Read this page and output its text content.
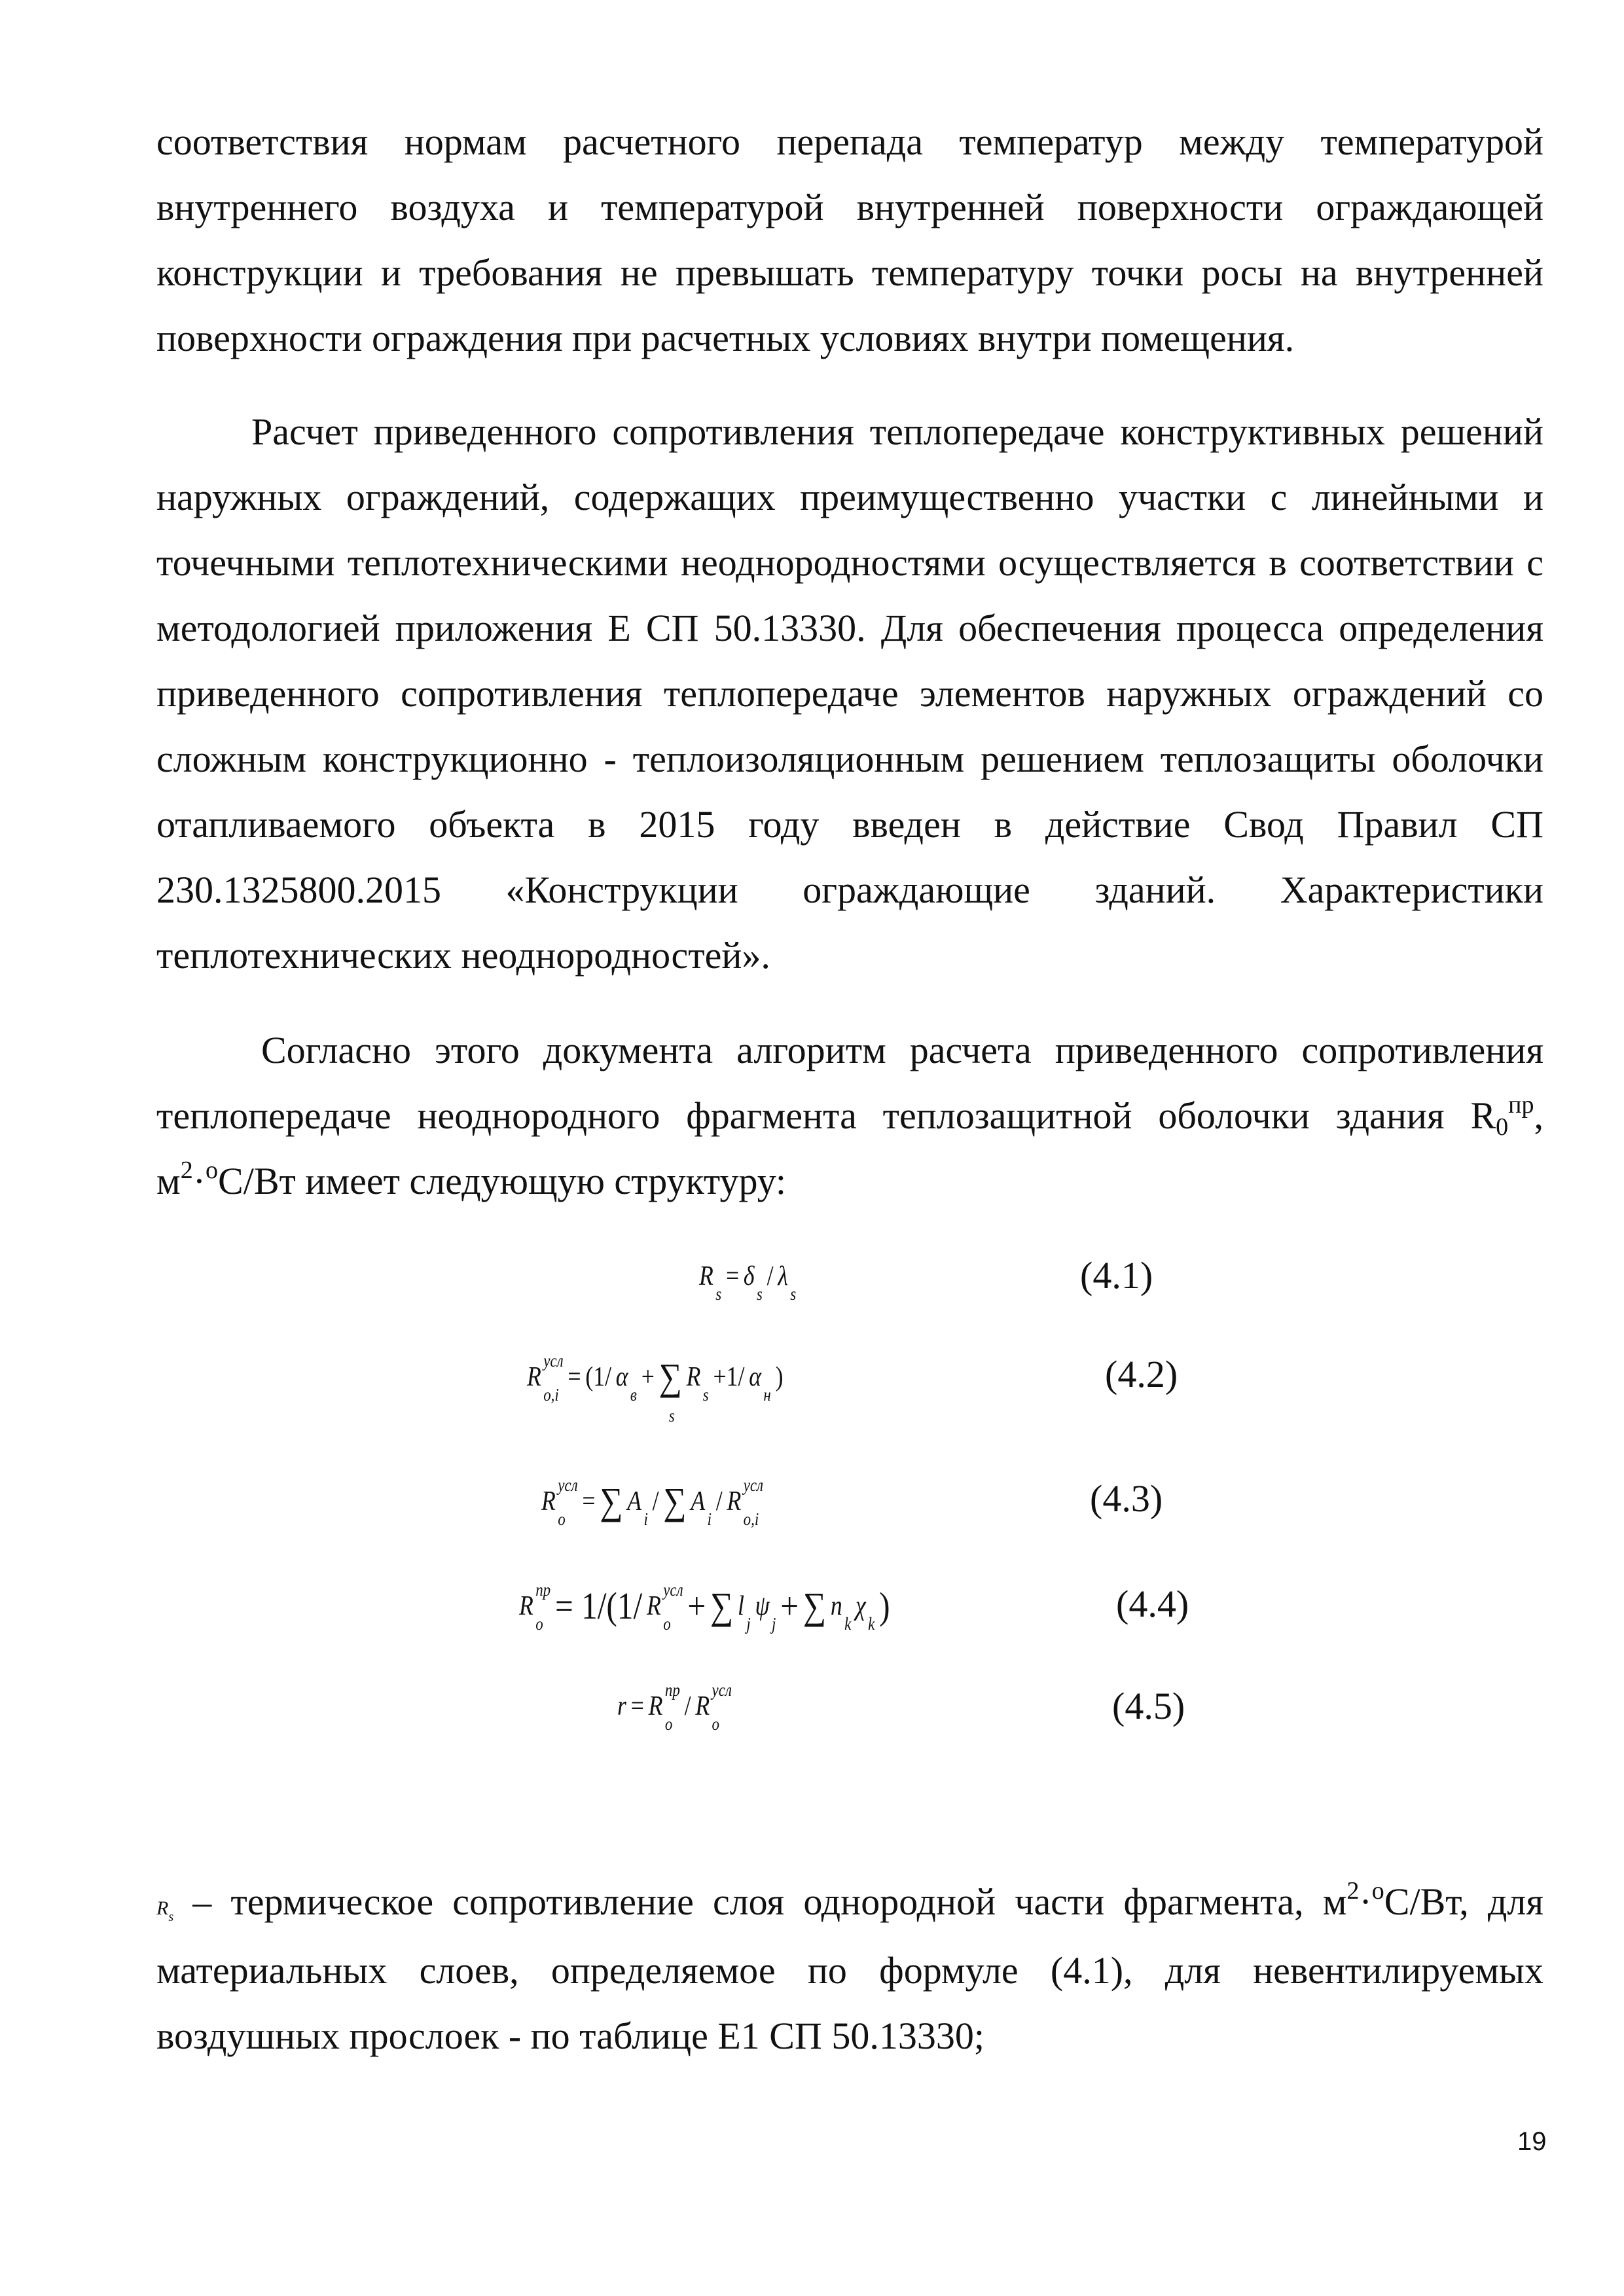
соответствия нормам расчетного перепада температур между температурой
внутреннего воздуха и температурой внутренней поверхности ограждающей
конструкции и требования не превышать температуру точки росы на внутренней
поверхности ограждения при расчетных условиях внутри помещения.
Расчет приведенного сопротивления теплопередаче конструктивных решений
наружных ограждений, содержащих преимущественно участки с линейными и
точечными теплотехническими неоднородностями осуществляется в соответствии с
методологией приложения Е СП 50.13330. Для обеспечения процесса определения
приведенного сопротивления теплопередаче элементов наружных ограждений со
сложным конструкционно - теплоизоляционным решением теплозащиты оболочки
отапливаемого объекта в 2015 году введен в действие Свод Правил СП
230.1325800.2015 «Конструкции ограждающие зданий. Характеристики
теплотехнических неоднородностей».
Согласно этого документа алгоритм расчета приведенного сопротивления
теплопередаче неоднородного фрагмента теплозащитной оболочки здания $R_0^{пр}$,
$м^2\cdot^оС/Вт$ имеет следующую структуру:
R

s
= δ

s
/ λ

s	(4.1)
R
усл
o,i
= (1/ α

в
+ ∑
s
R

s
+1/ α

н
)	(4.2)
R
усл
o
= ∑ A

i
/ ∑ A

i
/ R
усл
o,i	(4.3)
R
пр
o = 1/(1/ R
усл
o + ∑ l

j
ψ

j + ∑ n

k
χ

k )	(4.4)
r = R
пр
o
/ R
усл
o	(4.5)
$R_s$ – термическое сопротивление слоя однородной части фрагмента, $м^2\cdot^оС/Вт$, для
материальных слоев, определяемое по формуле (4.1), для невентилируемых
воздушных прослоек - по таблице Е1 СП 50.13330;
19
